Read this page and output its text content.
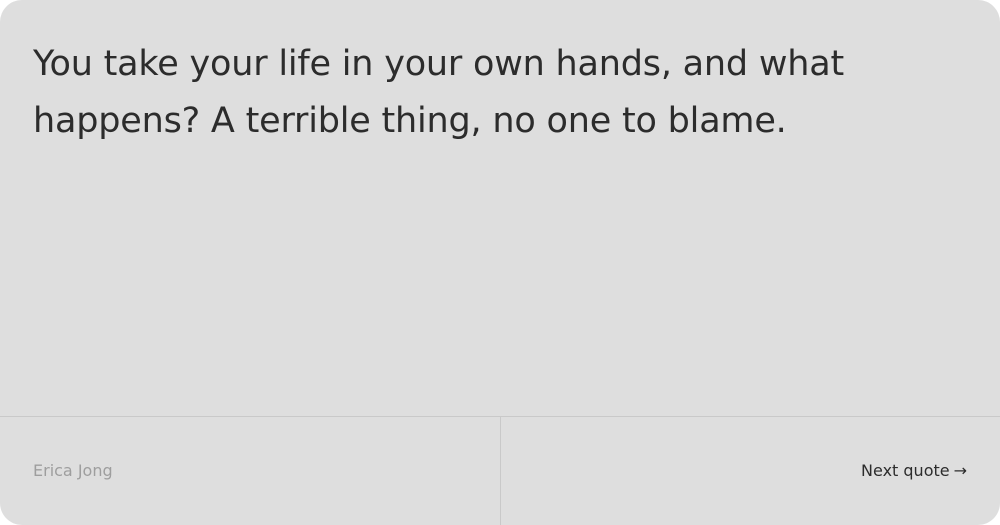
You take your life in your own hands, and what happens? A terrible thing, no one to blame.

Erica Jong	Next quote →
